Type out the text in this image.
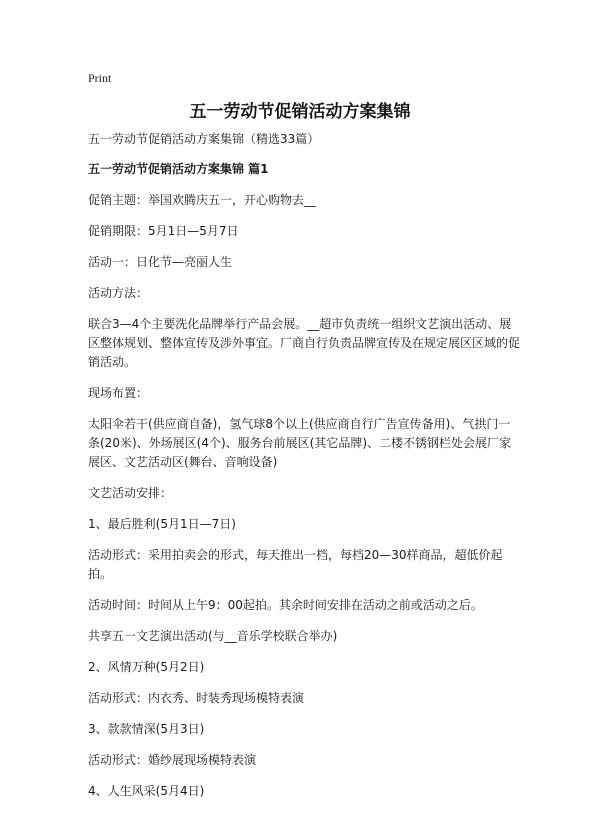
Print
五一劳动节促销活动方案集锦

五一劳动节促销活动方案集锦（精选33篇）

五一劳动节促销活动方案集锦 篇1

促销主题：举国欢腾庆五一，开心购物去__

促销期限：5月1日—5月7日

活动一：日化节—亮丽人生

活动方法：

联合3—4个主要洗化品牌举行产品会展。__超市负责统一组织文艺演出活动、展区整体规划、整体宣传及涉外事宜。厂商自行负责品牌宣传及在规定展区区域的促销活动。

现场布置：

太阳伞若干(供应商自备)，氢气球8个以上(供应商自行广告宣传备用)、气拱门一条(20米)、外场展区(4个)、服务台前展区(其它品牌)、二楼不锈钢栏处会展厂家展区、文艺活动区(舞台、音响设备)

文艺活动安排：

1、最后胜利(5月1日—7日)

活动形式：采用拍卖会的形式，每天推出一档，每档20—30样商品，超低价起拍。

活动时间：时间从上午9：00起拍。其余时间安排在活动之前或活动之后。

共享五一文艺演出活动(与__音乐学校联合举办)

2、风情万种(5月2日)

活动形式：内衣秀、时装秀现场模特表演

3、款款情深(5月3日)

活动形式：婚纱展现场模特表演

4、人生风采(5月4日)
